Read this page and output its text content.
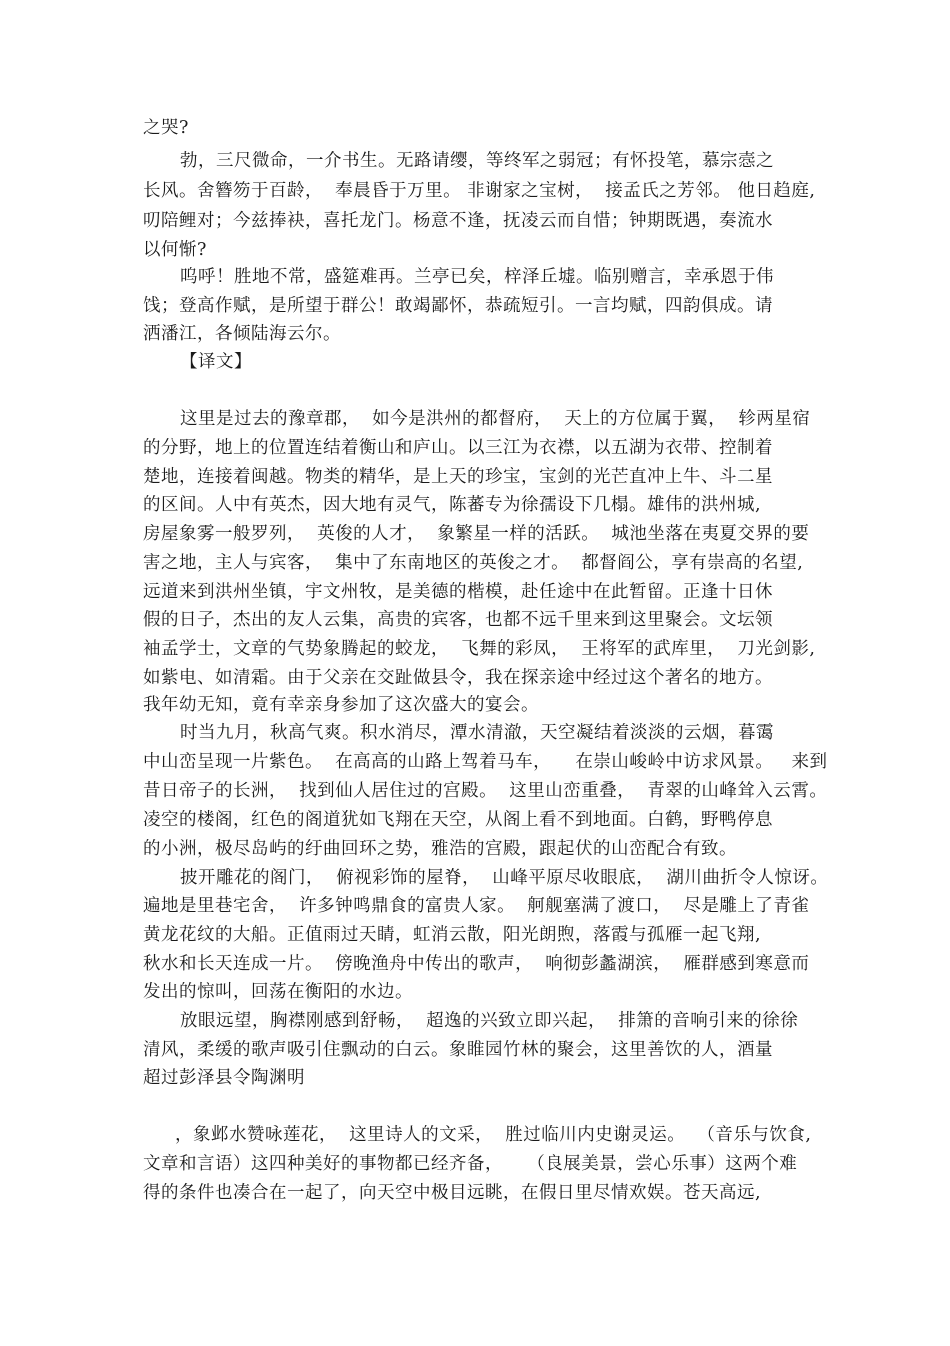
之哭?
勃，三尺微命，一介书生。无路请缨，等终军之弱冠；有怀投笔，慕宗悫之
长风。舍簪笏于百龄，  奉晨昏于万里。 非谢家之宝树，  接孟氏之芳邻。 他日趋庭,
叨陪鲤对；今兹捧袂，喜托龙门。杨意不逢，抚凌云而自惜；钟期既遇，奏流水
以何惭?
呜呼！胜地不常，盛筵难再。兰亭已矣，梓泽丘墟。临别赠言，幸承恩于伟
饯；登高作赋，是所望于群公！敢竭鄙怀，恭疏短引。一言均赋，四韵俱成。请
洒潘江，各倾陆海云尔。
【译文】
这里是过去的豫章郡，  如今是洪州的都督府，  天上的方位属于翼，  轸两星宿
的分野，地上的位置连结着衡山和庐山。以三江为衣襟，以五湖为衣带、控制着
楚地，连接着闽越。物类的精华，是上天的珍宝，宝剑的光芒直冲上牛、斗二星
的区间。人中有英杰，因大地有灵气，陈蕃专为徐孺设下几榻。雄伟的洪州城,
房屋象雾一般罗列，  英俊的人才，  象繁星一样的活跃。  城池坐落在夷夏交界的要
害之地，主人与宾客，  集中了东南地区的英俊之才。  都督阎公，享有崇高的名望,
远道来到洪州坐镇，宇文州牧，是美德的楷模，赴任途中在此暂留。正逢十日休
假的日子，杰出的友人云集，高贵的宾客，也都不远千里来到这里聚会。文坛领
袖孟学士，文章的气势象腾起的蛟龙，  飞舞的彩凤，  王将军的武库里，  刀光剑影,
如紫电、如清霜。由于父亲在交趾做县令，我在探亲途中经过这个著名的地方。
我年幼无知，竟有幸亲身参加了这次盛大的宴会。
时当九月，秋高气爽。积水消尽，潭水清澈，天空凝结着淡淡的云烟，暮霭
中山峦呈现一片紫色。  在高高的山路上驾着马车，    在崇山峻岭中访求风景。   来到
昔日帝子的长洲，  找到仙人居住过的宫殿。  这里山峦重叠，  青翠的山峰耸入云霄。
凌空的楼阁，红色的阁道犹如飞翔在天空，从阁上看不到地面。白鹤，野鸭停息
的小洲，极尽岛屿的纡曲回环之势，雅浩的宫殿，跟起伏的山峦配合有致。
披开雕花的阁门，  俯视彩饰的屋脊，  山峰平原尽收眼底，  湖川曲折令人惊讶。
遍地是里巷宅舍，  许多钟鸣鼎食的富贵人家。  舸舰塞满了渡口，  尽是雕上了青雀
黄龙花纹的大船。正值雨过天睛，虹消云散，阳光朗煦，落霞与孤雁一起飞翔,
秋水和长天连成一片。  傍晚渔舟中传出的歌声，  响彻彭蠡湖滨，  雁群感到寒意而
发出的惊叫，回荡在衡阳的水边。
放眼远望，胸襟刚感到舒畅，  超逸的兴致立即兴起，  排箫的音响引来的徐徐
清风，柔缓的歌声吸引住飘动的白云。象睢园竹林的聚会，这里善饮的人，酒量
超过彭泽县令陶渊明
，象邺水赞咏莲花，  这里诗人的文采，  胜过临川内史谢灵运。  （音乐与饮食,
文章和言语）这四种美好的事物都已经齐备，    （良展美景，尝心乐事）这两个难
得的条件也凑合在一起了，向天空中极目远眺，在假日里尽情欢娱。苍天高远,
